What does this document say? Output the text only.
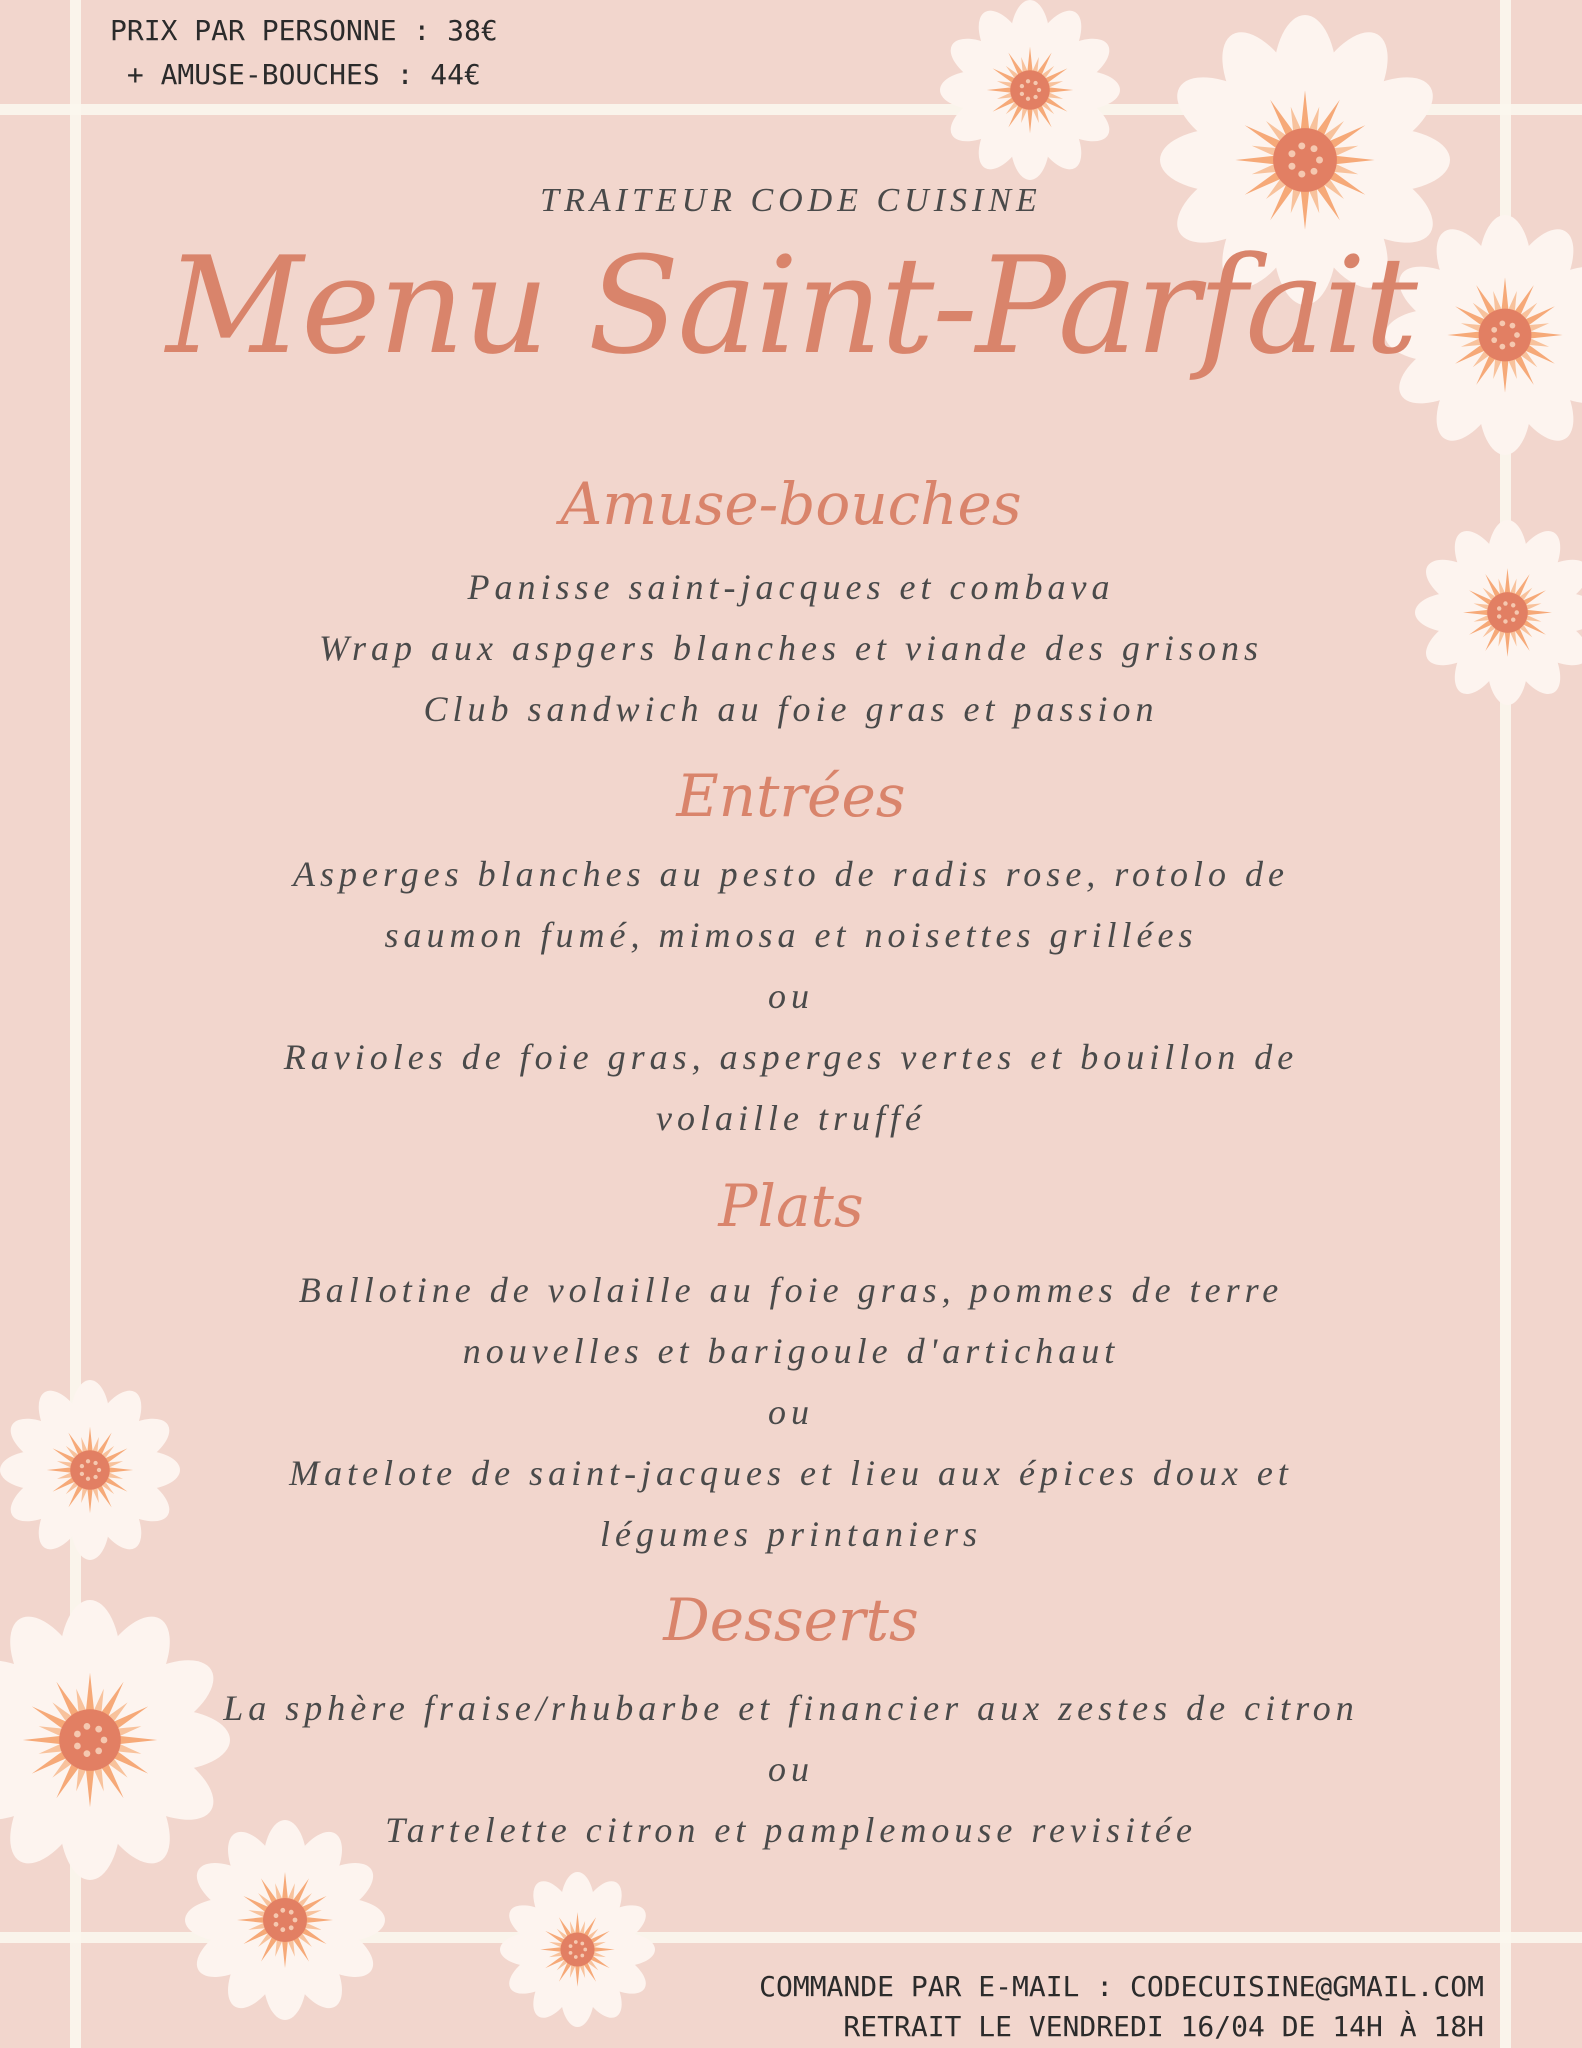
PRIX PAR PERSONNE : 38€
+ AMUSE-BOUCHES : 44€
TRAITEUR CODE CUISINE
Menu Saint-Parfait
Amuse-bouches
Panisse saint-jacques et combava
Wrap aux aspgers blanches et viande des grisons
Club sandwich au foie gras et passion
Entrées
Asperges blanches au pesto de radis rose, rotolo de
saumon fumé, mimosa et noisettes grillées
ou
Ravioles de foie gras, asperges vertes et bouillon de
volaille truffé
Plats
Ballotine de volaille au foie gras, pommes de terre
nouvelles et barigoule d'artichaut
ou
Matelote de saint-jacques et lieu aux épices doux et
légumes printaniers
Desserts
La sphère fraise/rhubarbe et financier aux zestes de citron
ou
Tartelette citron et pamplemouse revisitée
COMMANDE PAR E-MAIL : CODECUISINE@GMAIL.COM
RETRAIT LE VENDREDI 16/04 DE 14H À 18H
